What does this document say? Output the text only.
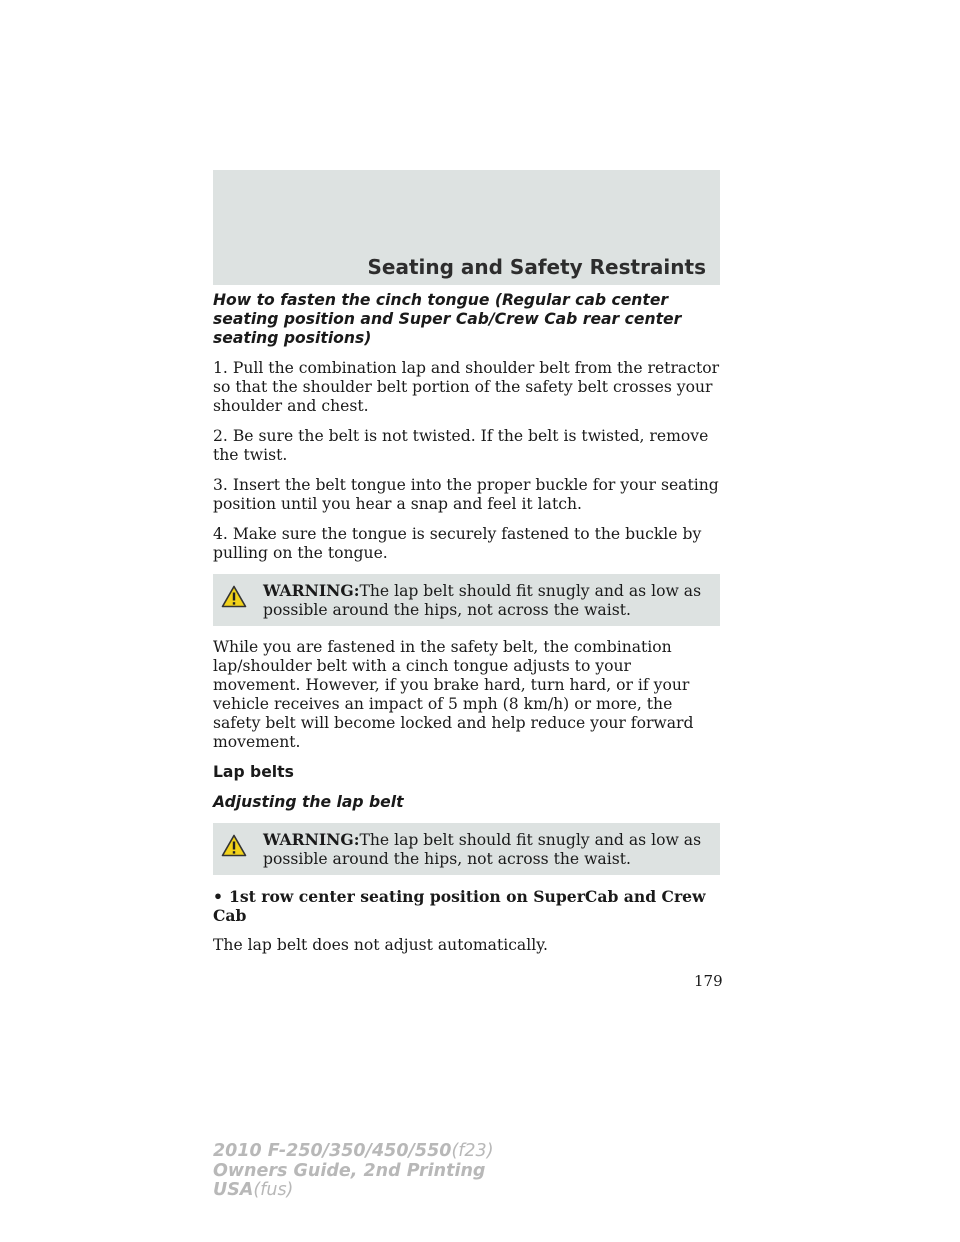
Seating and Safety Restraints
How to fasten the cinch tongue (Regular cab center seating position and Super Cab/Crew Cab rear center seating positions)

1. Pull the combination lap and shoulder belt from the retractor so that the shoulder belt portion of the safety belt crosses your shoulder and chest.

2. Be sure the belt is not twisted. If the belt is twisted, remove the twist.

3. Insert the belt tongue into the proper buckle for your seating position until you hear a snap and feel it latch.

4. Make sure the tongue is securely fastened to the buckle by pulling on the tongue.

WARNING:The lap belt should fit snugly and as low as possible around the hips, not across the waist.

While you are fastened in the safety belt, the combination lap/shoulder belt with a cinch tongue adjusts to your movement. However, if you brake hard, turn hard, or if your vehicle receives an impact of 5 mph (8 km/h) or more, the safety belt will become locked and help reduce your forward movement.

Lap belts
Adjusting the lap belt
WARNING:The lap belt should fit snugly and as low as possible around the hips, not across the waist.

• 1st row center seating position on SuperCab and Crew Cab

The lap belt does not adjust automatically.

179
2010 F-250/350/450/550(f23)
Owners Guide, 2nd Printing
USA(fus)
